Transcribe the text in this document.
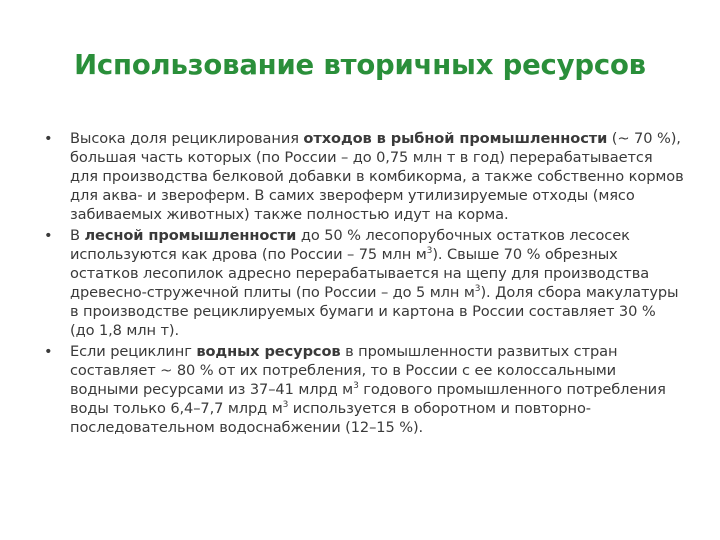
Использование вторичных ресурсов
• Высока доля рециклирования отходов в рыбной промышленности (~ 70 %), большая часть которых (по России – до 0,75 млн т в год) перерабатывается для производства белковой добавки в комбикорма, а также собственно кормов для аква- и звероферм. В самих звероферм утилизируемые отходы (мясо забиваемых животных) также полностью идут на корма.
• В лесной промышленности до 50 % лесопорубочных остатков лесосек используются как дрова (по России – 75 млн $м^3$). Свыше 70 % обрезных остатков лесопилок адресно перерабатывается на щепу для производства древесно-стружечной плиты (по России – до 5 млн $м^3$). Доля сбора макулатуры в производстве рециклируемых бумаги и картона в России составляет 30 % (до 1,8 млн т).
• Если рециклинг водных ресурсов в промышленности развитых стран составляет ~ 80 % от их потребления, то в России с ее колоссальными водными ресурсами из 37–41 млрд $м^3$ годового промышленного потребления воды только 6,4–7,7 млрд $м^3$ используется в оборотном и повторно-последовательном водоснабжении (12–15 %).
